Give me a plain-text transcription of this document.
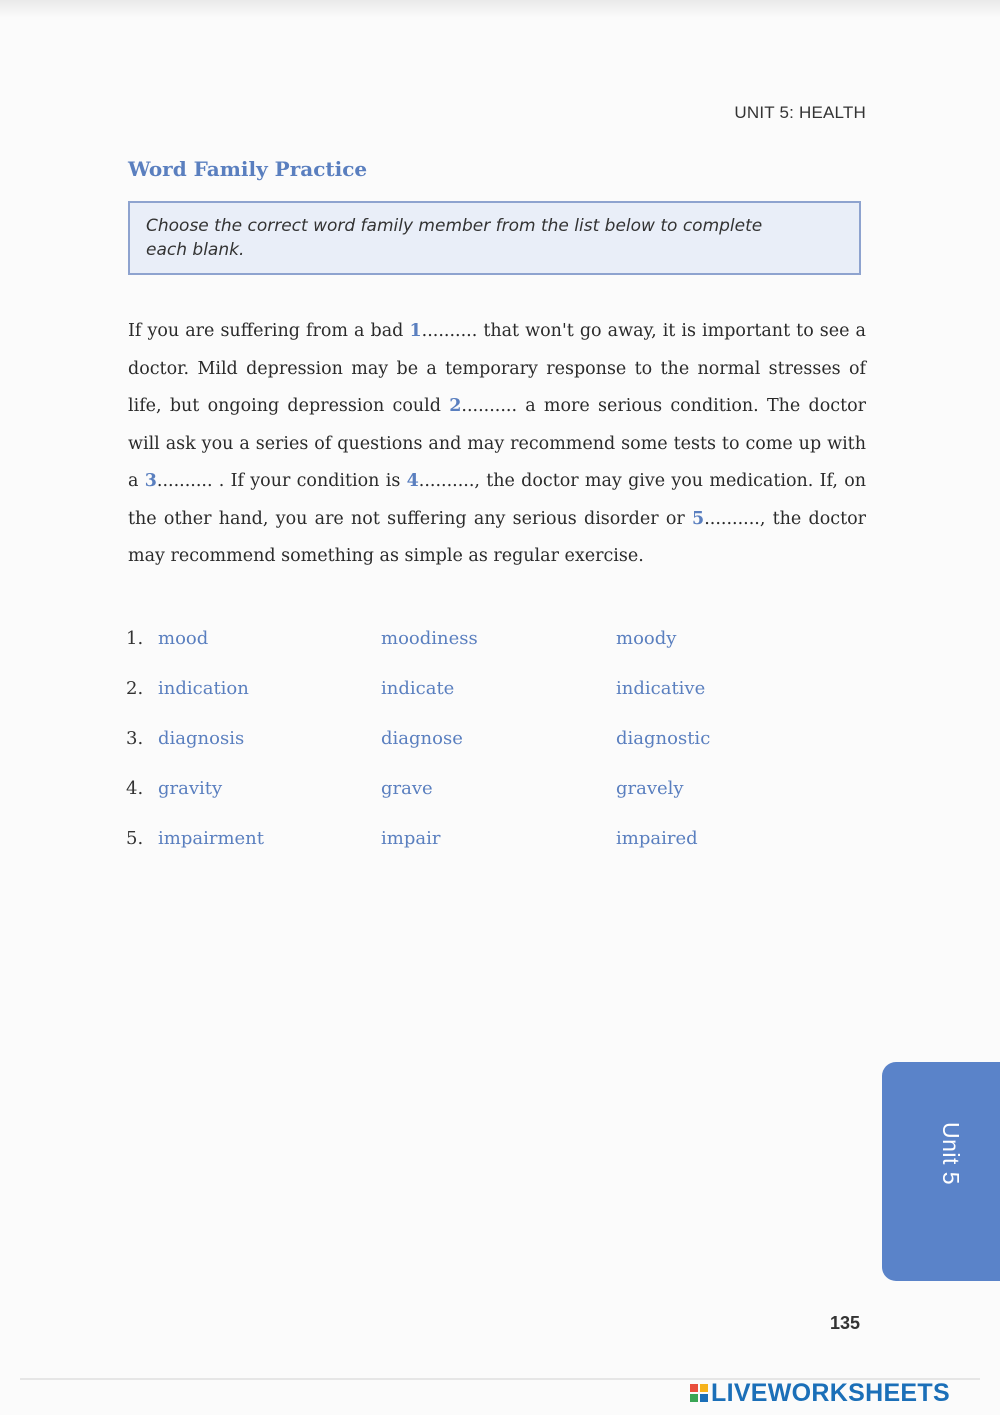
UNIT 5: HEALTH
Word Family Practice
Choose the correct word family member from the list below to complete each blank.
If you are suffering from a bad 1.......... that won't go away, it is important to see a doctor. Mild depression may be a temporary response to the normal stresses of life, but ongoing depression could 2.......... a more serious condition. The doctor will ask you a series of questions and may recommend some tests to come up with a 3.......... . If your condition is 4.........., the doctor may give you medication. If, on the other hand, you are not suffering any serious disorder or 5.........., the doctor may recommend something as simple as regular exercise.
1. mood	moodiness	moody
2. indication	indicate	indicative
3. diagnosis	diagnose	diagnostic
4. gravity	grave	gravely
5. impairment	impair	impaired
Unit 5
135
LIVEWORKSHEETS
